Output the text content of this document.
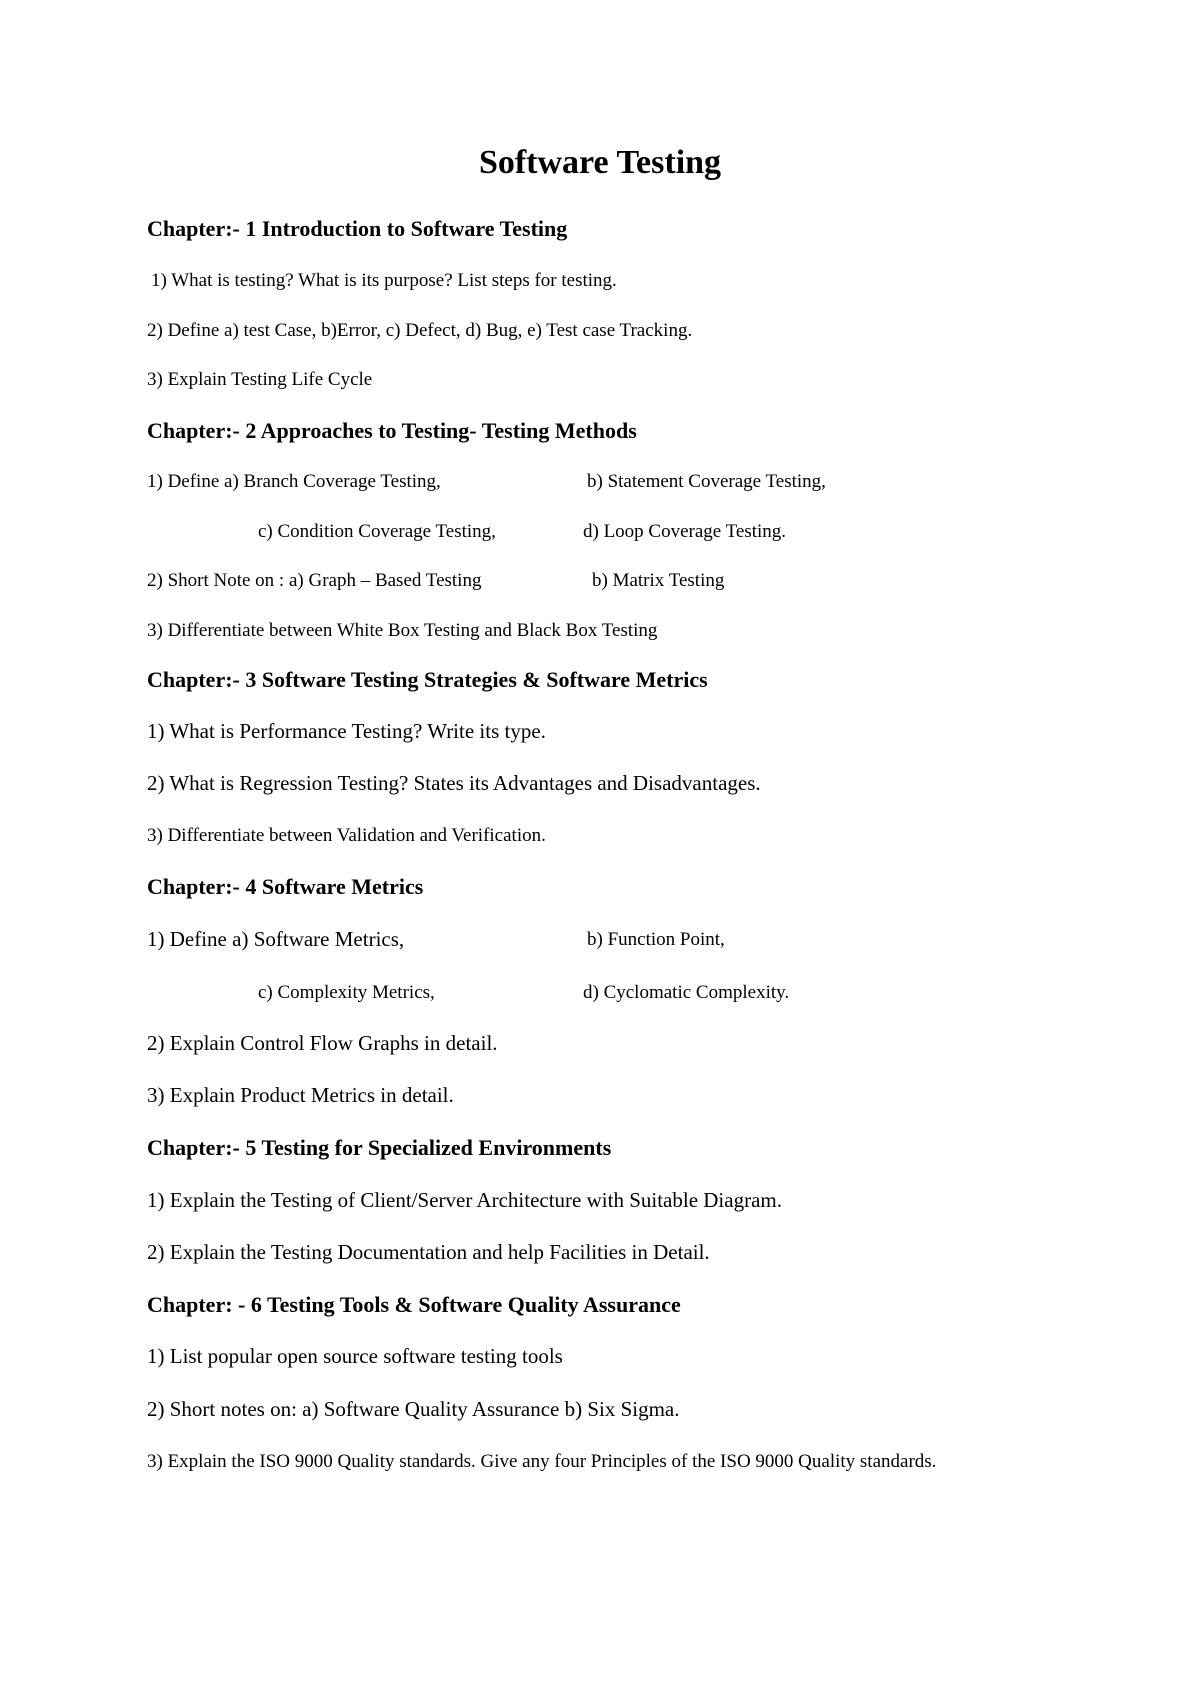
Software Testing
Chapter:- 1 Introduction to Software Testing
1) What is testing? What is its purpose? List steps for testing.
2) Define a) test Case, b)Error, c) Defect, d) Bug, e) Test case Tracking.
3) Explain Testing Life Cycle
Chapter:- 2 Approaches to Testing- Testing Methods
1) Define a) Branch Coverage Testing,	b) Statement Coverage Testing,
c) Condition Coverage Testing,	d) Loop Coverage Testing.
2) Short Note on : a) Graph – Based Testing	b) Matrix Testing
3) Differentiate between White Box Testing and Black Box Testing
Chapter:- 3 Software Testing Strategies & Software Metrics
1) What is Performance Testing? Write its type.
2) What is Regression Testing? States its Advantages and Disadvantages.
3) Differentiate between Validation and Verification.
Chapter:- 4 Software Metrics
1) Define a) Software Metrics,	b) Function Point,
c) Complexity Metrics,	d) Cyclomatic Complexity.
2) Explain Control Flow Graphs in detail.
3) Explain Product Metrics in detail.
Chapter:- 5 Testing for Specialized Environments
1) Explain the Testing of Client/Server Architecture with Suitable Diagram.
2) Explain the Testing Documentation and help Facilities in Detail.
Chapter: - 6 Testing Tools & Software Quality Assurance
1) List popular open source software testing tools
2) Short notes on: a) Software Quality Assurance b) Six Sigma.
3) Explain the ISO 9000 Quality standards. Give any four Principles of the ISO 9000 Quality standards.
